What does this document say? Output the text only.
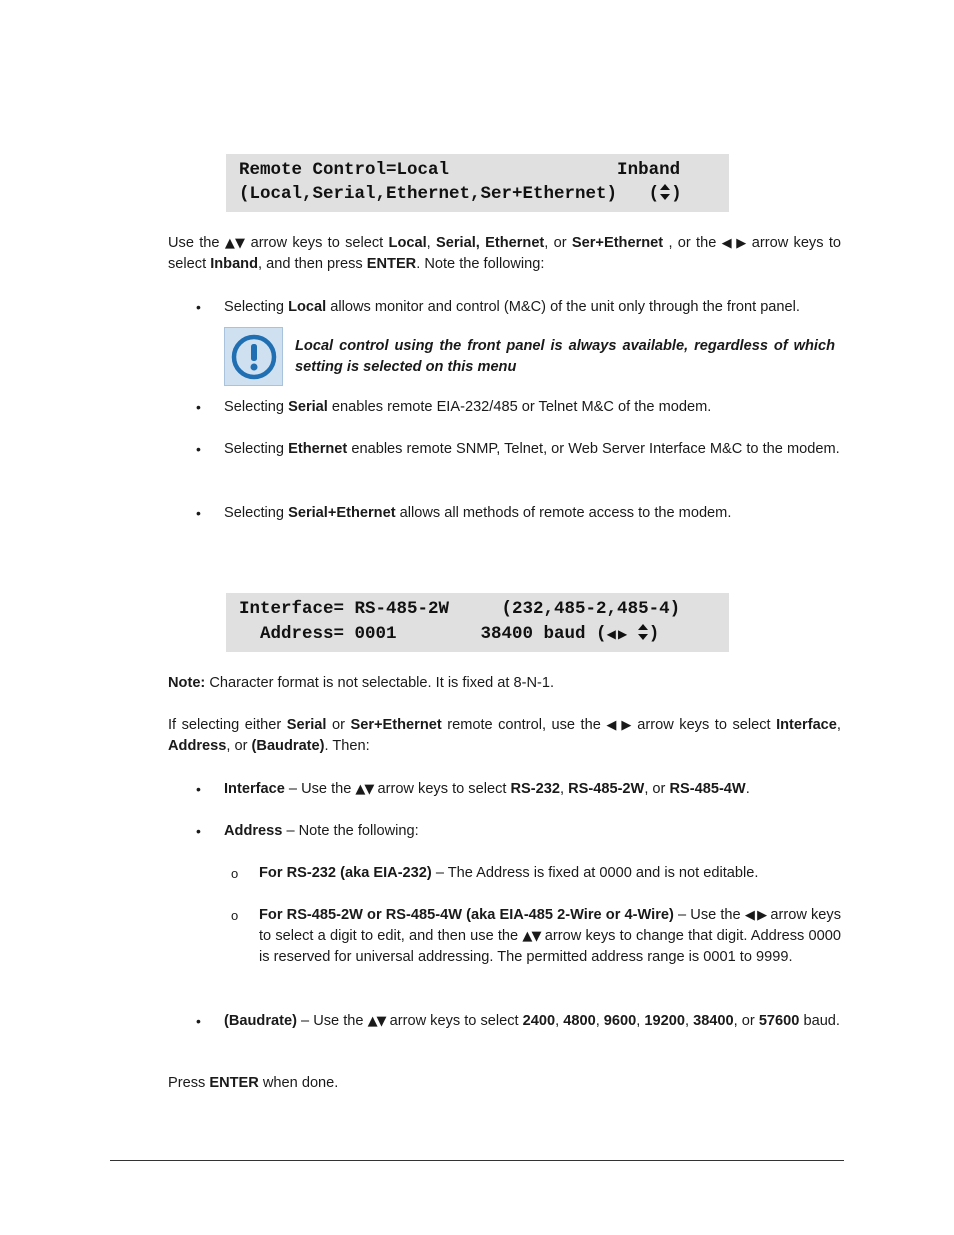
Remote Control=Local                Inband
(Local,Serial,Ethernet,Ser+Ethernet)   ( )
Use the ▲▼ arrow keys to select Local, Serial, Ethernet, or Ser+Ethernet , or the ◀ ▶ arrow keys to select Inband, and then press ENTER. Note the following:
• Selecting Local allows monitor and control (M&C) of the unit only through the front panel.
Local control using the front panel is always available, regardless of which setting is selected on this menu
• Selecting Serial enables remote EIA-232/485 or Telnet M&C of the modem.
• Selecting Ethernet enables remote SNMP, Telnet, or Web Server Interface M&C to the modem.
• Selecting Serial+Ethernet allows all methods of remote access to the modem.
Interface= RS-485-2W     (232,485-2,485-4)
Address= 0001        38400 baud (◀ ▶ )
Note: Character format is not selectable. It is fixed at 8-N-1.
If selecting either Serial or Ser+Ethernet remote control, use the ◀ ▶ arrow keys to select Interface, Address, or (Baudrate). Then:
• Interface – Use the ▲▼ arrow keys to select RS-232, RS-485-2W, or RS-485-4W.
• Address – Note the following:
o For RS-232 (aka EIA-232) – The Address is fixed at 0000 and is not editable.
o For RS-485-2W or RS-485-4W (aka EIA-485 2-Wire or 4-Wire) – Use the ◀ ▶ arrow keys to select a digit to edit, and then use the ▲▼ arrow keys to change that digit. Address 0000 is reserved for universal addressing. The permitted address range is 0001 to 9999.
• (Baudrate) – Use the ▲▼ arrow keys to select 2400, 4800, 9600, 19200, 38400, or 57600 baud.
Press ENTER when done.
